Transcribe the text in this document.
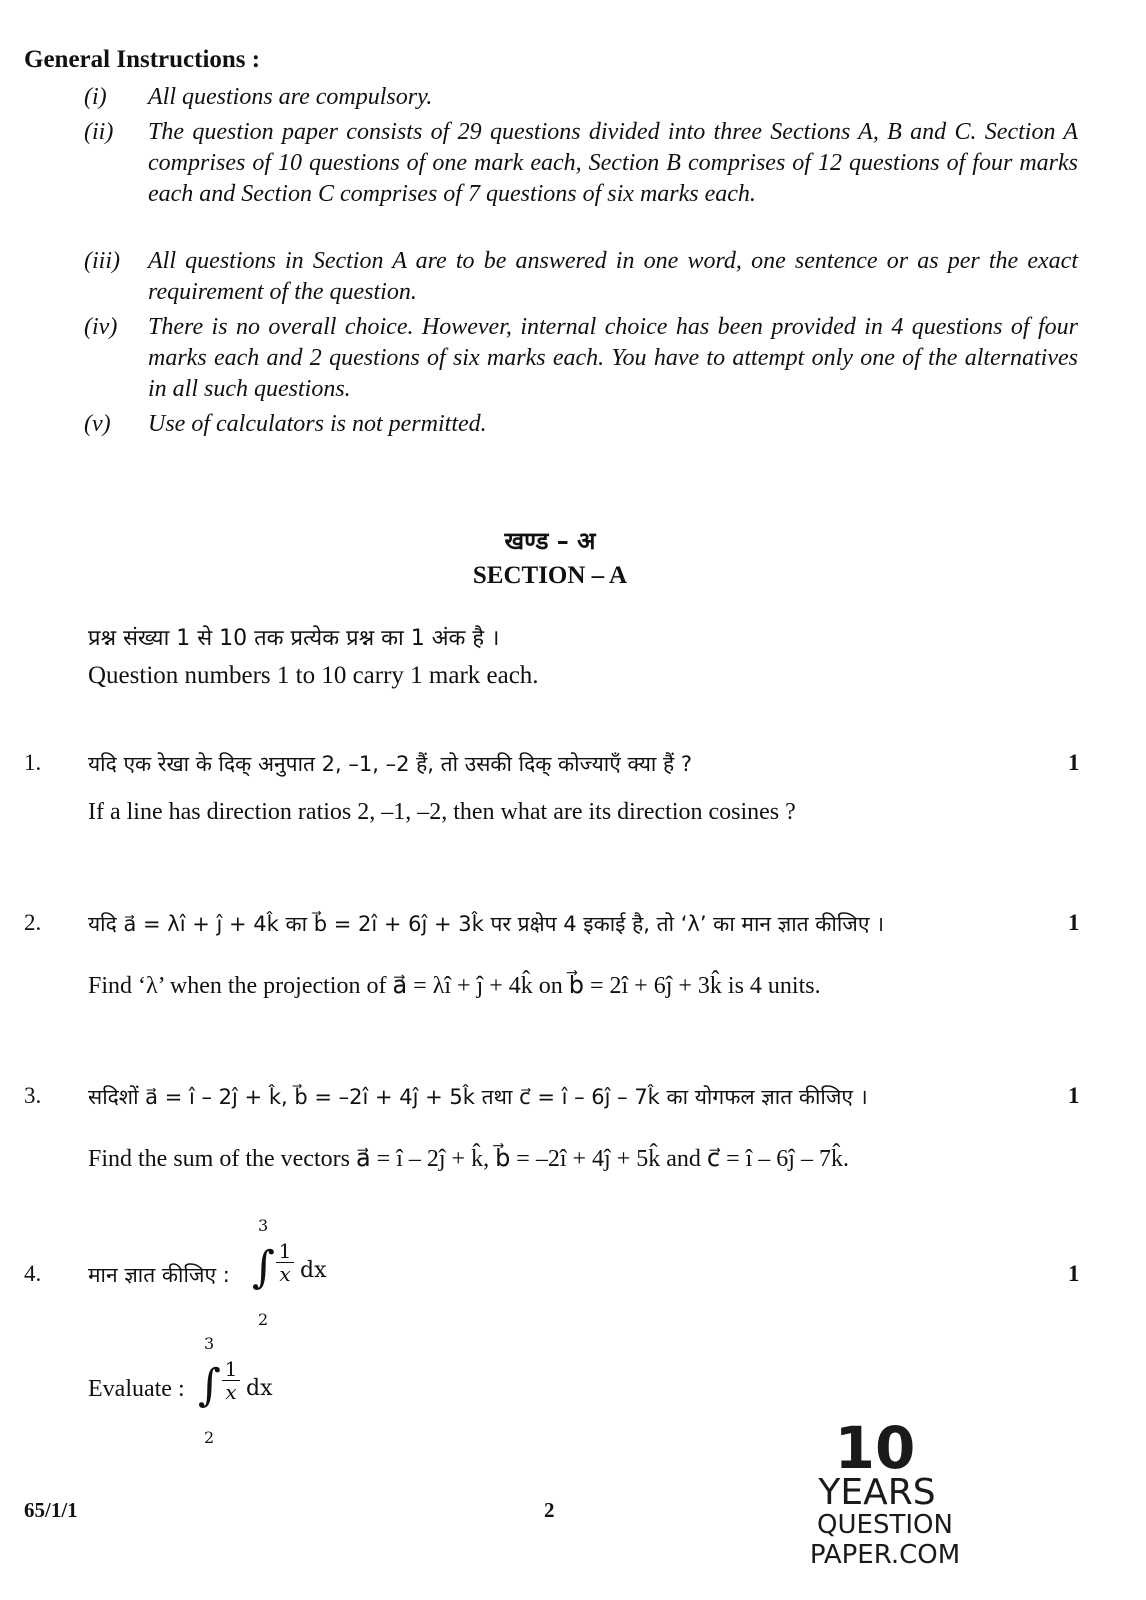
General Instructions :
(i) All questions are compulsory.
(ii) The question paper consists of 29 questions divided into three Sections A, B and C. Section A comprises of 10 questions of one mark each, Section B comprises of 12 questions of four marks each and Section C comprises of 7 questions of six marks each.
(iii) All questions in Section A are to be answered in one word, one sentence or as per the exact requirement of the question.
(iv) There is no overall choice. However, internal choice has been provided in 4 questions of four marks each and 2 questions of six marks each. You have to attempt only one of the alternatives in all such questions.
(v) Use of calculators is not permitted.
खण्ड – अ
SECTION – A
प्रश्न संख्या 1 से 10 तक प्रत्येक प्रश्न का 1 अंक है ।
Question numbers 1 to 10 carry 1 mark each.
1. यदि एक रेखा के दिक् अनुपात 2, –1, –2 हैं, तो उसकी दिक् कोज्याएँ क्या हैं ?	1
If a line has direction ratios 2, –1, –2, then what are its direction cosines ?
2. यदि a⃗ = λî + ĵ + 4k̂ का b⃗ = 2î + 6ĵ + 3k̂ पर प्रक्षेप 4 इकाई है, तो ‘λ’ का मान ज्ञात कीजिए ।	1
Find ‘λ’ when the projection of a⃗ = λî + ĵ + 4k̂ on b⃗ = 2î + 6ĵ + 3k̂ is 4 units.
3. सदिशों a⃗ = î – 2ĵ + k̂, b⃗ = –2î + 4ĵ + 5k̂ तथा c⃗ = î – 6ĵ – 7k̂ का योगफल ज्ञात कीजिए ।	1
Find the sum of the vectors a⃗ = î – 2ĵ + k̂, b⃗ = –2î + 4ĵ + 5k̂ and c⃗ = î – 6ĵ – 7k̂.
4. मान ज्ञात कीजिए :	1
3
∫
2
$\frac{1}{x}$ dx
Evaluate :
3
∫
2
$\frac{1}{x}$ dx
65/1/1	2
10
YEARS
QUESTION PAPER.COM
